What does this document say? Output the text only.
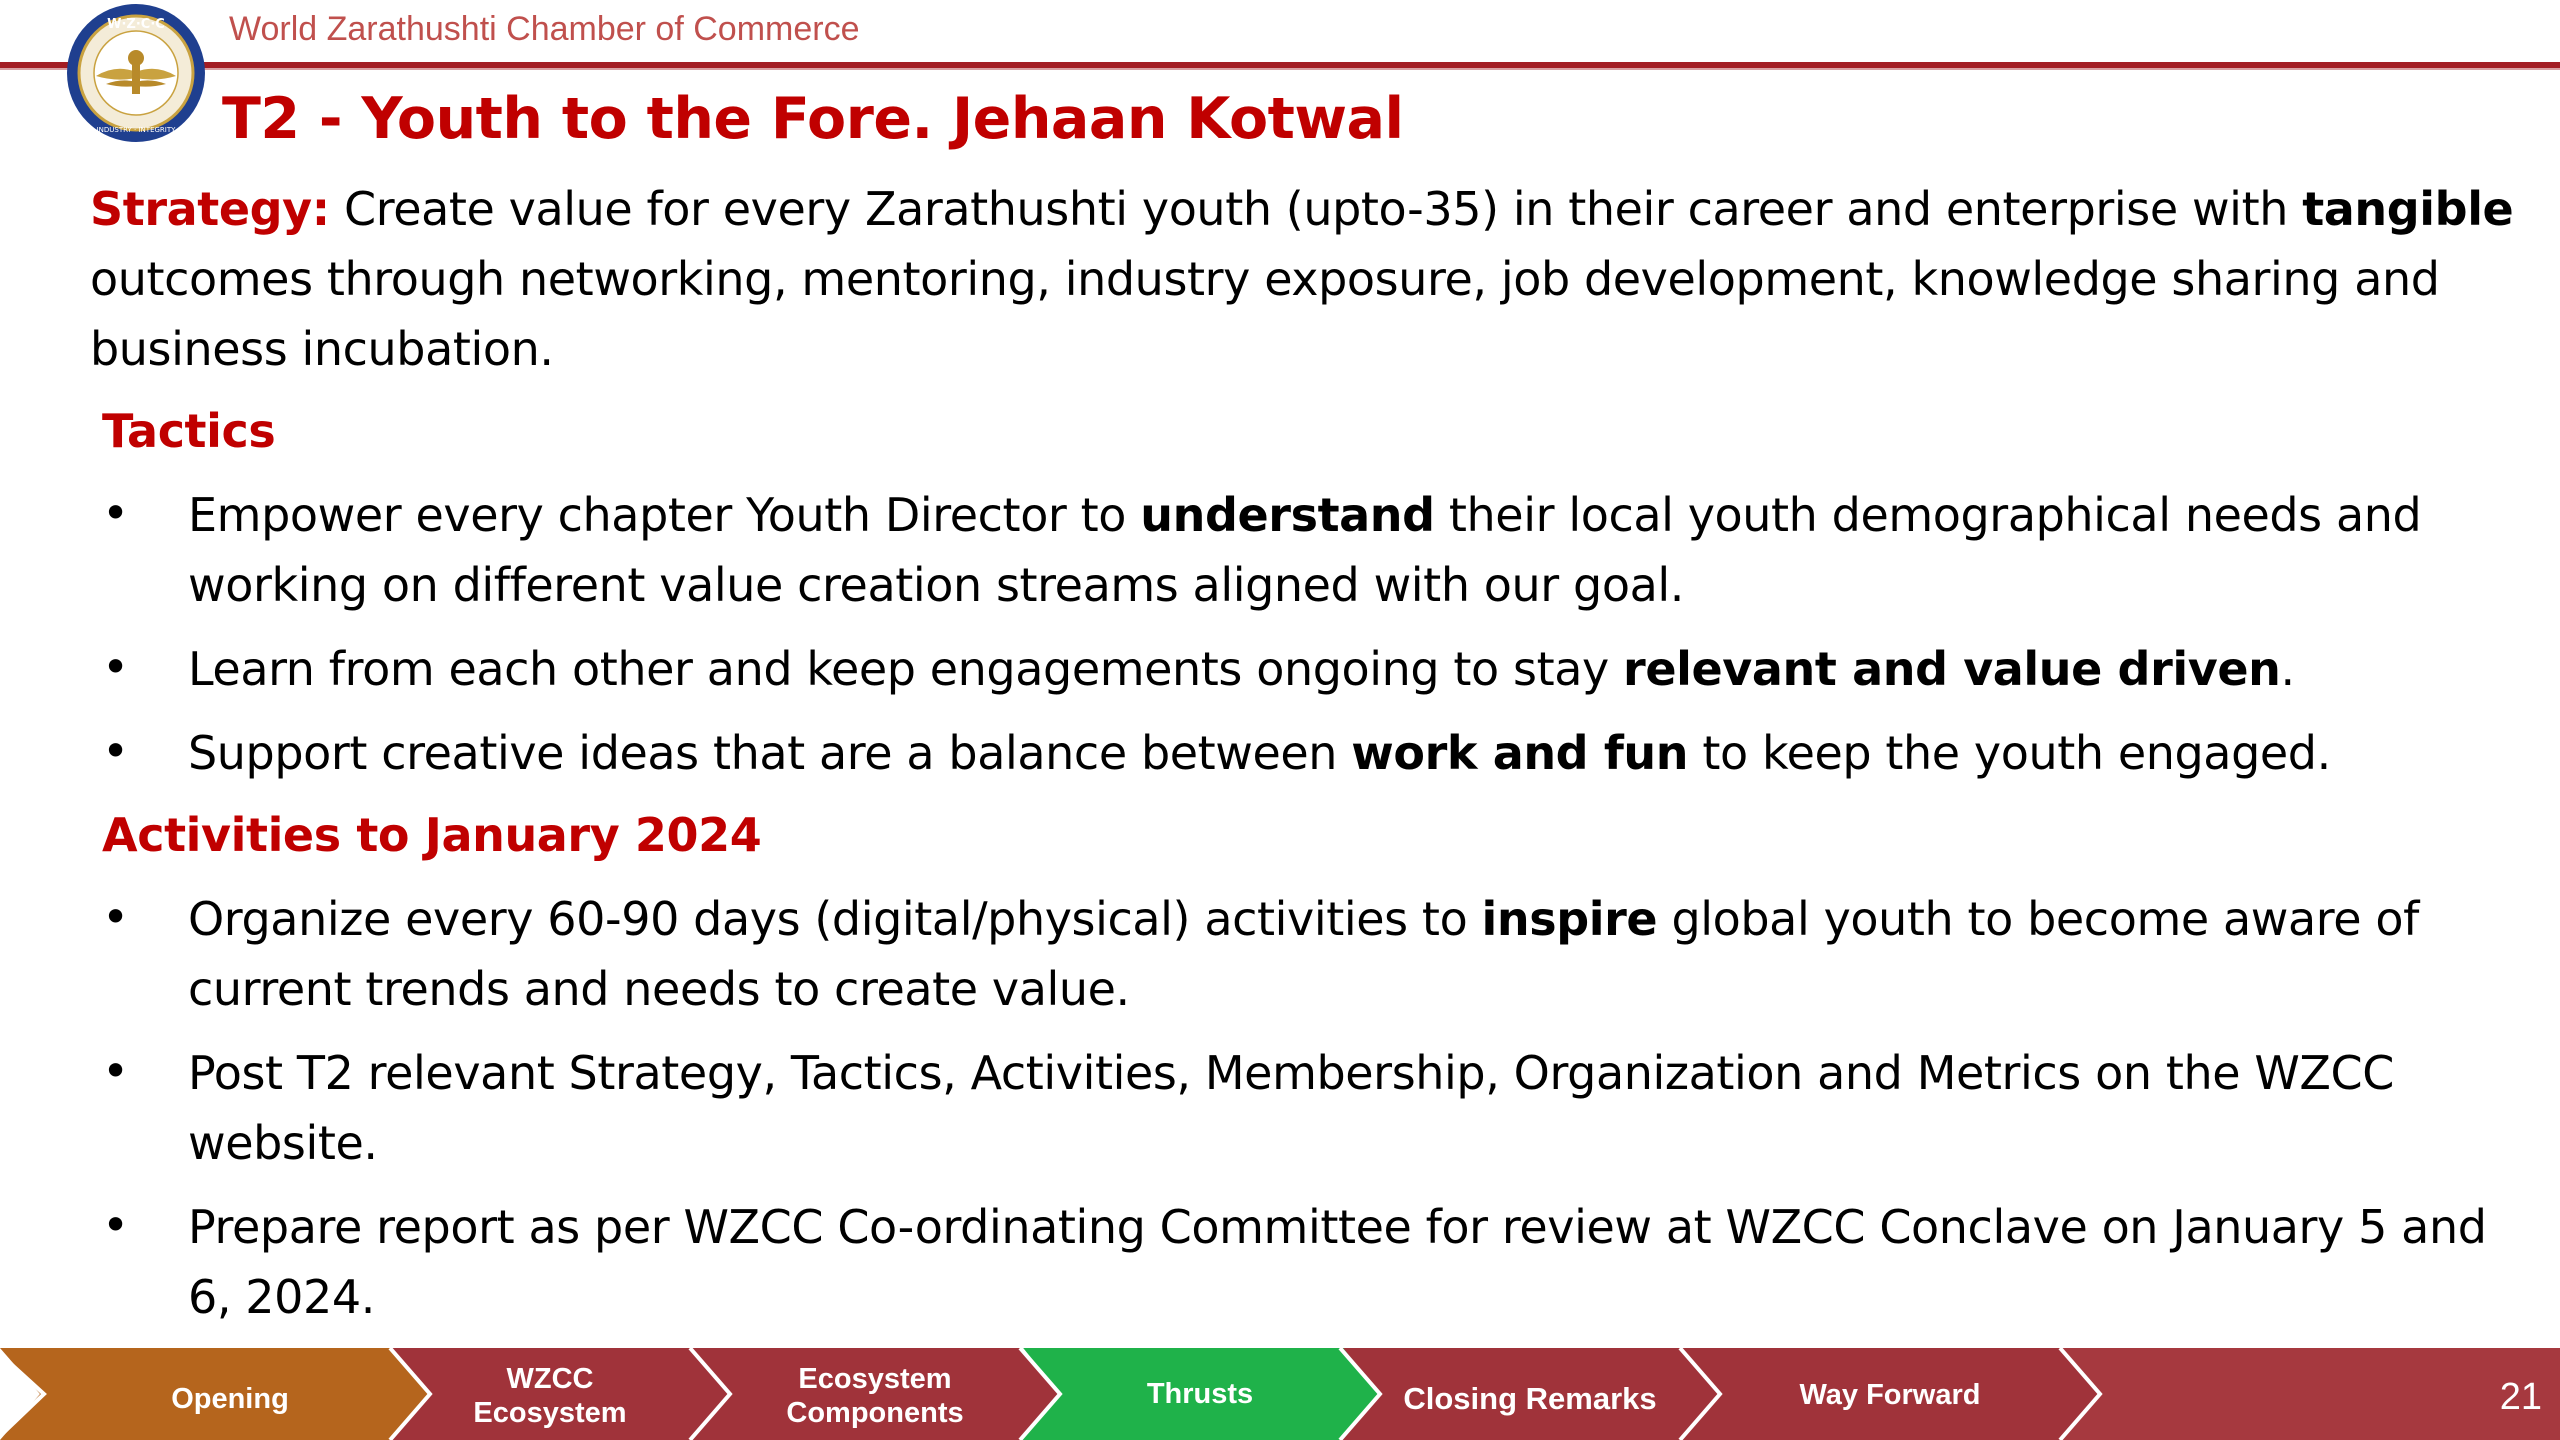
W·Z·C·C
INDUSTRY · INTEGRITY
World Zarathushti Chamber of Commerce
T2 - Youth to the Fore. Jehaan Kotwal

Strategy: Create value for every Zarathushti youth (upto-35) in their career and enterprise with tangible outcomes through networking, mentoring, industry exposure, job development, knowledge sharing and business incubation.

Tactics
• Empower every chapter Youth Director to understand their local youth demographical needs and working on different value creation streams aligned with our goal.
• Learn from each other and keep engagements ongoing to stay relevant and value driven.
• Support creative ideas that are a balance between work and fun to keep the youth engaged.
Activities to January 2024
• Organize every 60-90 days (digital/physical) activities to inspire global youth to become aware of current trends and needs to create value.
• Post T2 relevant Strategy, Tactics, Activities, Membership, Organization and Metrics on the WZCC website.
• Prepare report as per WZCC Co-ordinating Committee for review at WZCC Conclave on January 5 and 6, 2024.
Opening
WZCC
Ecosystem
Ecosystem
Components
Thrusts	Closing Remarks	Way Forward	21
